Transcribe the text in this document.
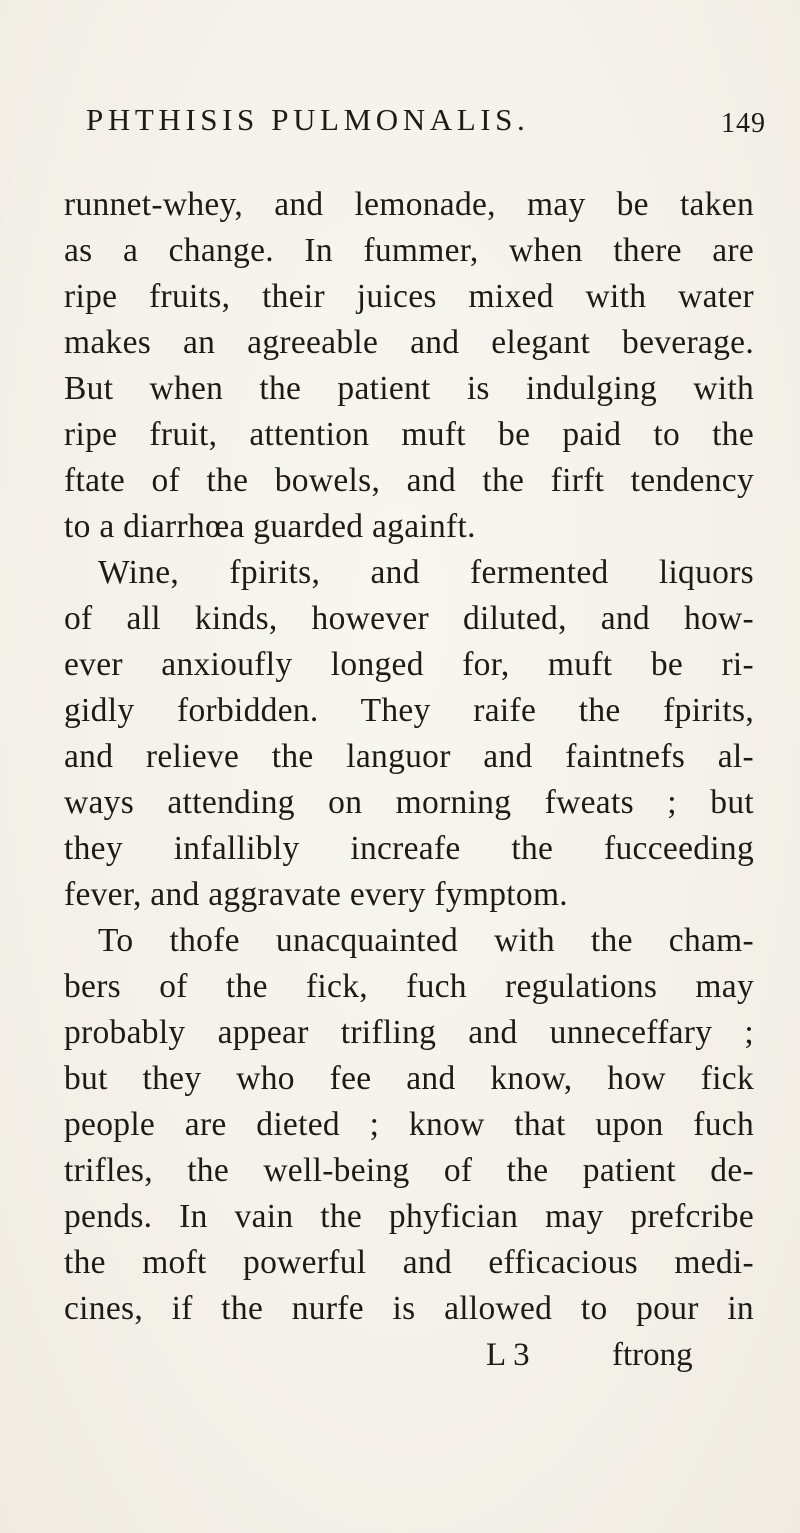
PHTHISIS PULMONALIS.	149
runnet-whey, and lemonade, may be taken
as a change. In fummer, when there are
ripe fruits, their juices mixed with water
makes an agreeable and elegant beverage.
But when the patient is indulging with
ripe fruit, attention muft be paid to the
ftate of the bowels, and the firft tendency
to a diarrhœa guarded againft.
Wine, fpirits, and fermented liquors
of all kinds, however diluted, and how-
ever anxioufly longed for, muft be ri-
gidly forbidden. They raife the fpirits,
and relieve the languor and faintnefs al-
ways attending on morning fweats ; but
they infallibly increafe the fucceeding
fever, and aggravate every fymptom.
To thofe unacquainted with the cham-
bers of the fick, fuch regulations may
probably appear trifling and unneceffary ;
but they who fee and know, how fick
people are dieted ; know that upon fuch
trifles, the well-being of the patient de-
pends. In vain the phyfician may prefcribe
the moft powerful and efficacious medi-
cines, if the nurfe is allowed to pour in
L 3 ftrong
